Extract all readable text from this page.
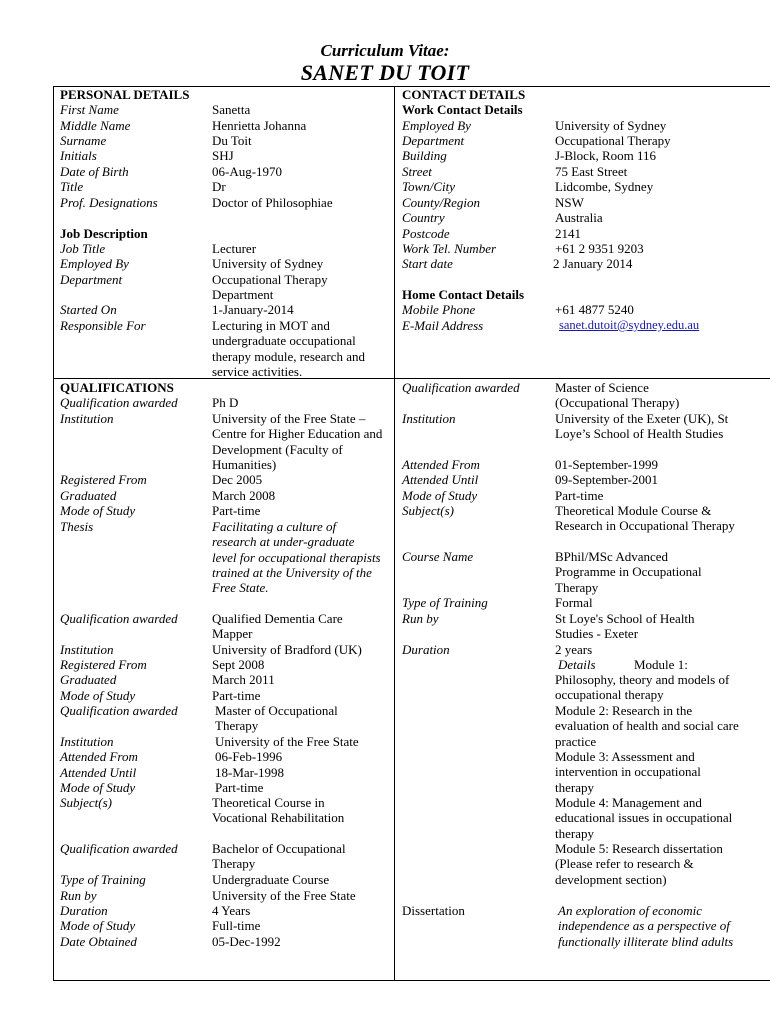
Curriculum Vitae:
SANET DU TOIT
PERSONAL DETAILS
First Name	Sanetta
Middle Name	Henrietta Johanna
Surname	Du Toit
Initials	SHJ
Date of Birth	06-Aug-1970
Title	Dr
Prof. Designations	Doctor of Philosophiae
Job Description
Job Title	Lecturer
Employed By	University of Sydney
Department	Occupational Therapy Department
Started On	1-January-2014
Responsible For	Lecturing in MOT and undergraduate occupational therapy module, research and service activities.
CONTACT DETAILS
Work Contact Details
Employed By	University of Sydney
Department	Occupational Therapy
Building	J-Block, Room 116
Street	75 East Street
Town/City	Lidcombe, Sydney
County/Region	NSW
Country	Australia
Postcode	2141
Work Tel. Number	+61 2 9351 9203
Start date	2 January 2014
Home Contact Details
Mobile Phone	+61 4877 5240
E-Mail Address	sanet.dutoit@sydney.edu.au
QUALIFICATIONS
Qualification awarded	Ph D
Institution	University of the Free State – Centre for Higher Education and Development (Faculty of Humanities)
Registered From	Dec 2005
Graduated	March 2008
Mode of Study	Part-time
Thesis	Facilitating a culture of research at under-graduate level for occupational therapists trained at the University of the Free State.
Qualification awarded	Qualified Dementia Care Mapper
Institution	University of Bradford (UK)
Registered From	Sept 2008
Graduated	March 2011
Mode of Study	Part-time
Qualification awarded	Master of Occupational Therapy
Institution	University of the Free State
Attended From	06-Feb-1996
Attended Until	18-Mar-1998
Mode of Study	Part-time
Subject(s)	Theoretical Course in Vocational Rehabilitation
Qualification awarded	Bachelor of Occupational Therapy
Type of Training	Undergraduate Course
Run by	University of the Free State
Duration	4 Years
Mode of Study	Full-time
Date Obtained	05-Dec-1992
Qualification awarded	Master of Science (Occupational Therapy)
Institution	University of the Exeter (UK), St Loye’s School of Health Studies
Attended From	01-September-1999
Attended Until	09-September-2001
Mode of Study	Part-time
Subject(s)	Theoretical Module Course & Research in Occupational Therapy
Course Name	BPhil/MSc Advanced Programme in Occupational Therapy
Type of Training	Formal
Run by	St Loye's School of Health Studies - Exeter
Duration	2 years
Details	Module 1:
Philosophy, theory and models of occupational therapy
Module 2: Research in the evaluation of health and social care practice
Module 3: Assessment and intervention in occupational therapy
Module 4: Management and educational issues in occupational therapy
Module 5: Research dissertation (Please refer to research & development section)
Dissertation	An exploration of economic independence as a perspective of functionally illiterate blind adults
